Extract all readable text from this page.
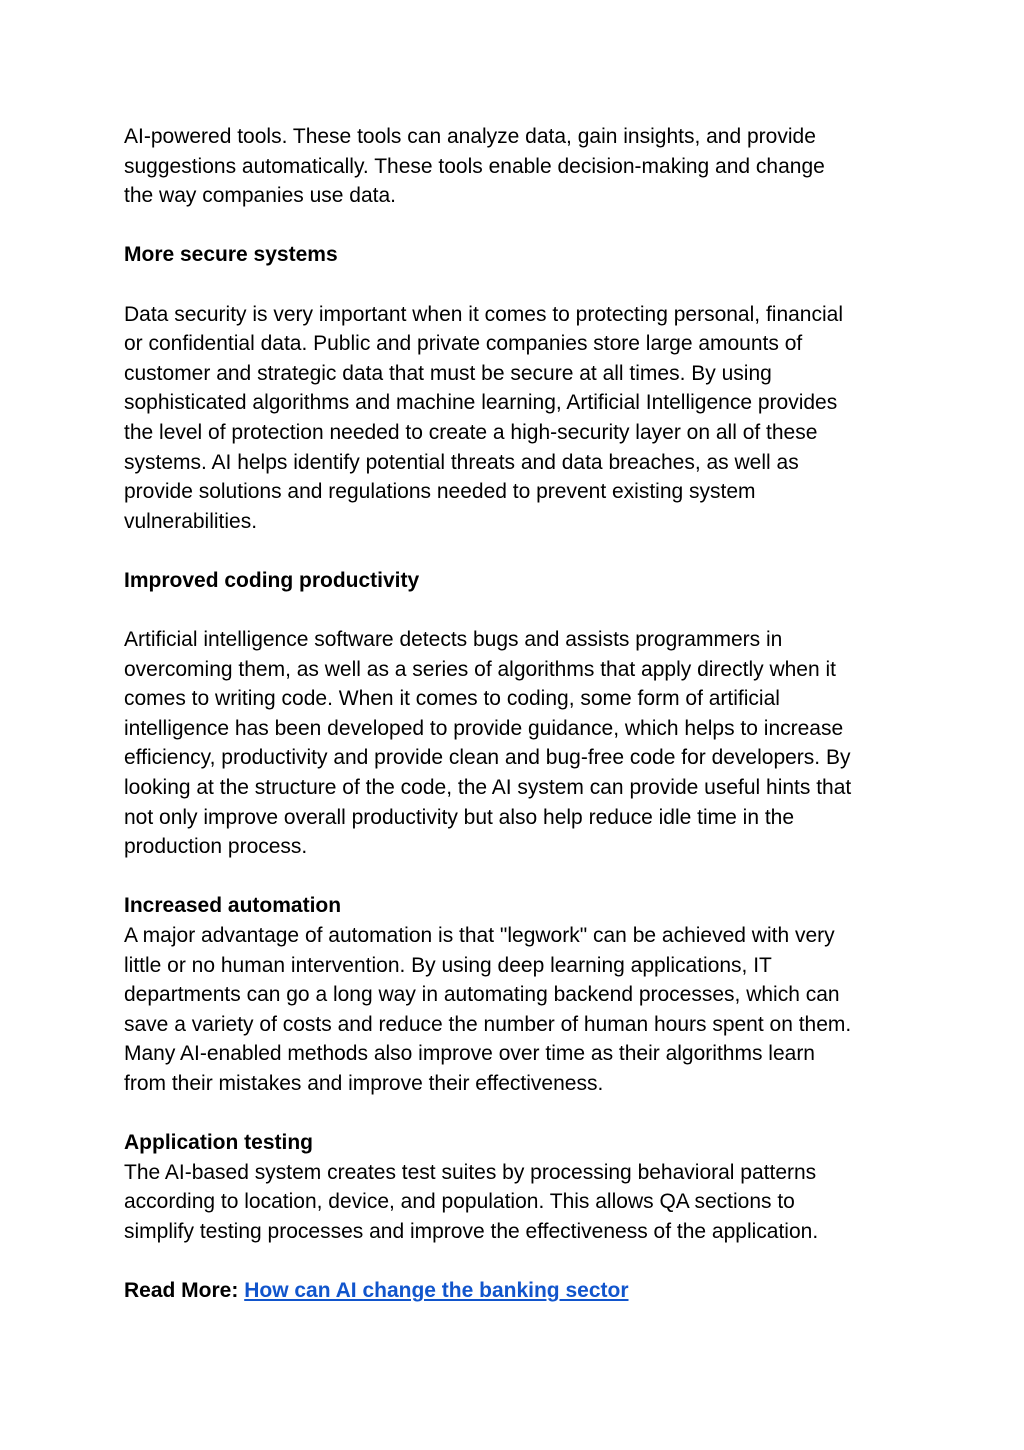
AI-powered tools. These tools can analyze data, gain insights, and provide
suggestions automatically. These tools enable decision-making and change
the way companies use data.

More secure systems

Data security is very important when it comes to protecting personal, financial
or confidential data. Public and private companies store large amounts of
customer and strategic data that must be secure at all times. By using
sophisticated algorithms and machine learning, Artificial Intelligence provides
the level of protection needed to create a high-security layer on all of these
systems. AI helps identify potential threats and data breaches, as well as
provide solutions and regulations needed to prevent existing system
vulnerabilities.

Improved coding productivity

Artificial intelligence software detects bugs and assists programmers in
overcoming them, as well as a series of algorithms that apply directly when it
comes to writing code. When it comes to coding, some form of artificial
intelligence has been developed to provide guidance, which helps to increase
efficiency, productivity and provide clean and bug-free code for developers. By
looking at the structure of the code, the AI system can provide useful hints that
not only improve overall productivity but also help reduce idle time in the
production process.

Increased automation

A major advantage of automation is that "legwork" can be achieved with very
little or no human intervention. By using deep learning applications, IT
departments can go a long way in automating backend processes, which can
save a variety of costs and reduce the number of human hours spent on them.
Many AI-enabled methods also improve over time as their algorithms learn
from their mistakes and improve their effectiveness.

Application testing

The AI-based system creates test suites by processing behavioral patterns
according to location, device, and population. This allows QA sections to
simplify testing processes and improve the effectiveness of the application.

Read More: How can AI change the banking sector
